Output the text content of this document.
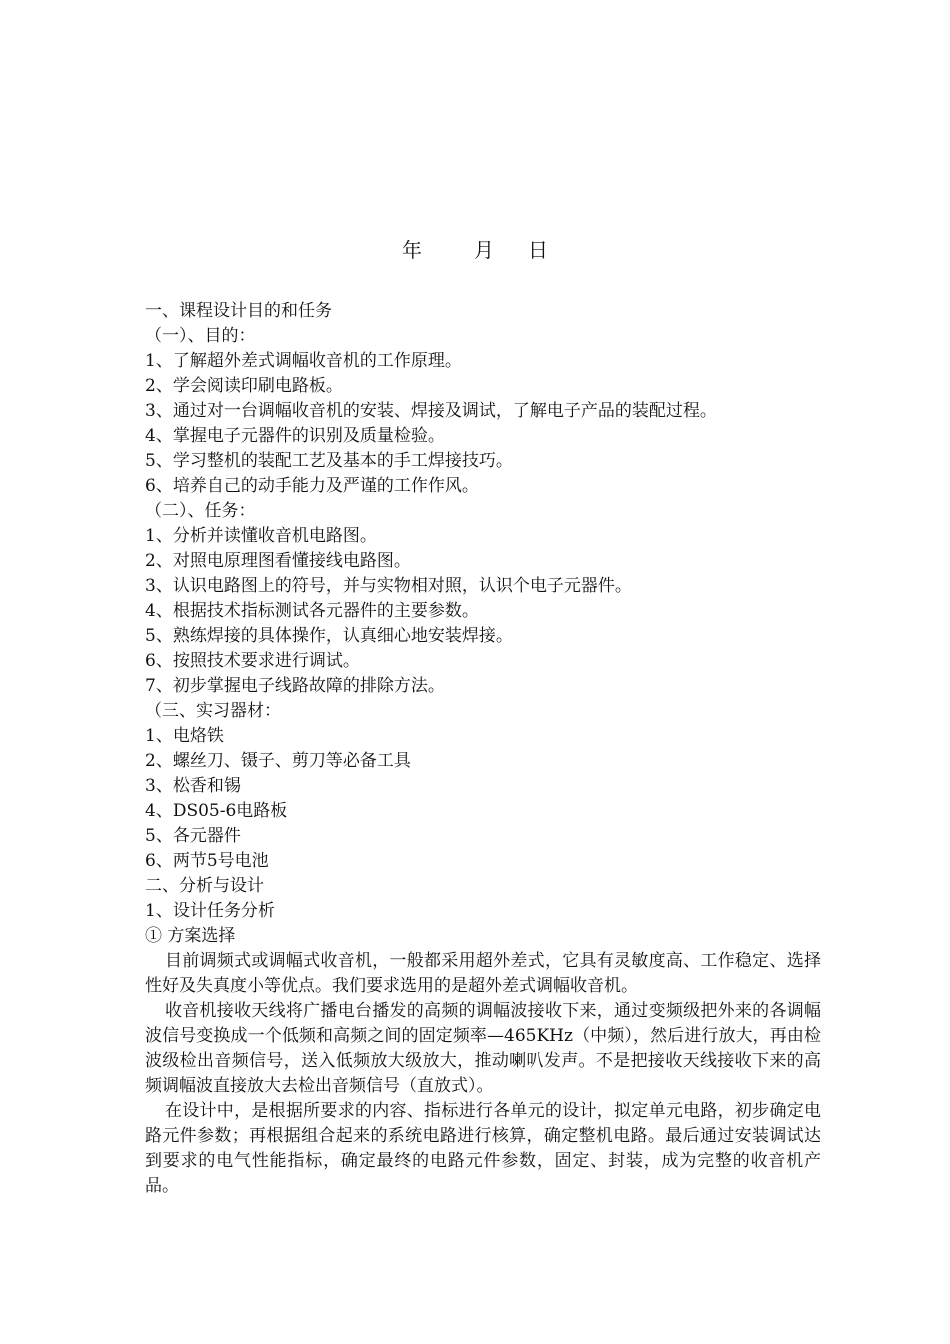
年	月 日
一、课程设计目的和任务
（一）、目的：
1、了解超外差式调幅收音机的工作原理。
2、学会阅读印刷电路板。
3、通过对一台调幅收音机的安装、焊接及调试，了解电子产品的装配过程。
4、掌握电子元器件的识别及质量检验。
5、学习整机的装配工艺及基本的手工焊接技巧。
6、培养自己的动手能力及严谨的工作作风。
（二）、任务：
1、分析并读懂收音机电路图。
2、对照电原理图看懂接线电路图。
3、认识电路图上的符号，并与实物相对照，认识个电子元器件。
4、根据技术指标测试各元器件的主要参数。
5、熟练焊接的具体操作，认真细心地安装焊接。
6、按照技术要求进行调试。
7、初步掌握电子线路故障的排除方法。
（三、实习器材：
1、电烙铁
2、螺丝刀、镊子、剪刀等必备工具
3、松香和锡
4、DS05-6电路板
5、各元器件
6、两节5号电池
二、分析与设计
1、设计任务分析
① 方案选择
目前调频式或调幅式收音机，一般都采用超外差式，它具有灵敏度高、工作稳定、选择性好及失真度小等优点。我们要求选用的是超外差式调幅收音机。
收音机接收天线将广播电台播发的高频的调幅波接收下来，通过变频级把外来的各调幅波信号变换成一个低频和高频之间的固定频率—465KHz（中频），然后进行放大，再由检波级检出音频信号，送入低频放大级放大，推动喇叭发声。不是把接收天线接收下来的高频调幅波直接放大去检出音频信号（直放式）。
在设计中，是根据所要求的内容、指标进行各单元的设计，拟定单元电路，初步确定电路元件参数；再根据组合起来的系统电路进行核算，确定整机电路。最后通过安装调试达到要求的电气性能指标，确定最终的电路元件参数，固定、封装，成为完整的收音机产品。
